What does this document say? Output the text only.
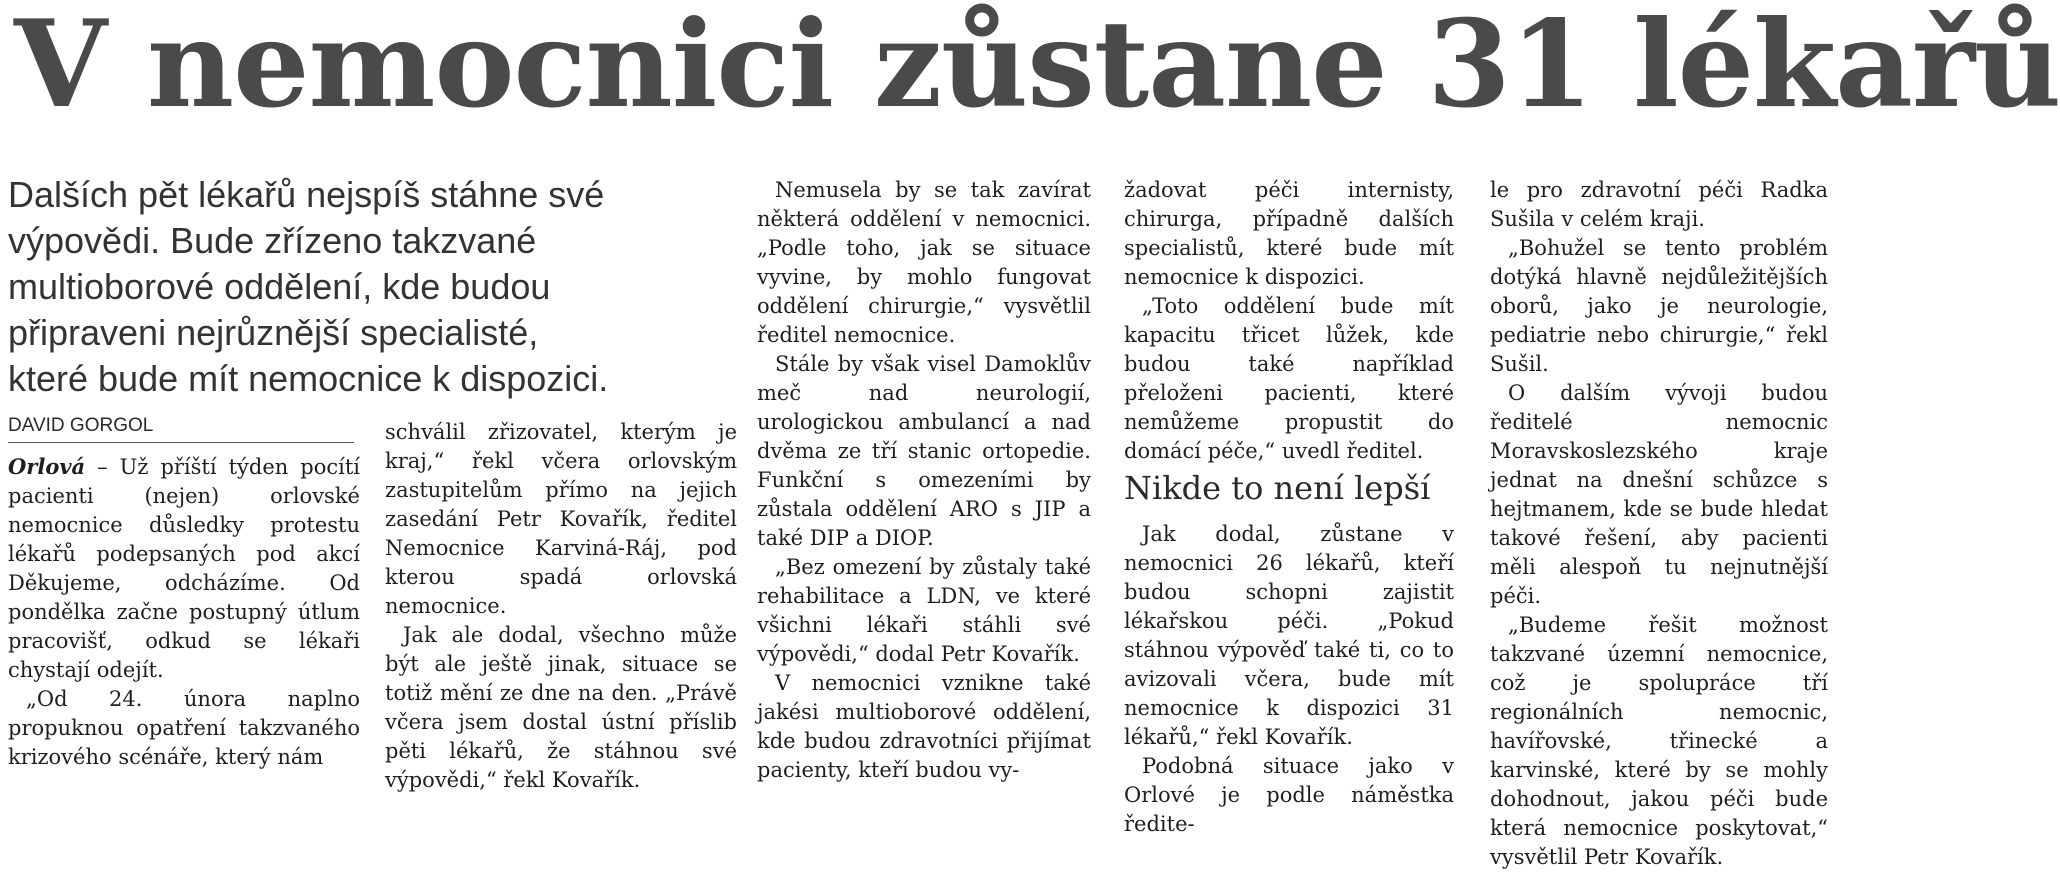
V nemocnici zůstane 31 lékařů
Dalších pět lékařů nejspíš stáhne své
výpovědi. Bude zřízeno takzvané
multioborové oddělení, kde budou
připraveni nejrůznější specialisté,
které bude mít nemocnice k dispozici.
DAVID GORGOL

Orlová – Už příští týden pocítí pacienti (nejen) orlovské nemocnice důsledky protestu lékařů podepsaných pod akcí Děkujeme, odcházíme. Od pondělka začne postupný útlum pracovišť, odkud se lékaři chystají odejít.

„Od 24. února naplno propuknou opatření takzvaného krizového scénáře, který nám

schválil zřizovatel, kterým je kraj,“ řekl včera orlovským zastupitelům přímo na jejich zasedání Petr Kovařík, ředitel Nemocnice Karviná-Ráj, pod kterou spadá orlovská nemocnice.

Jak ale dodal, všechno může být ale ještě jinak, situace se totiž mění ze dne na den. „Právě včera jsem dostal ústní příslib pěti lékařů, že stáhnou své výpovědi,“ řekl Kovařík.

Nemusela by se tak zavírat některá oddělení v nemocnici. „Podle toho, jak se situace vyvine, by mohlo fungovat oddělení chirurgie,“ vysvětlil ředitel nemocnice.

Stále by však visel Damoklův meč nad neurologií, urologickou ambulancí a nad dvěma ze tří stanic ortopedie. Funkční s omezeními by zůstala oddělení ARO s JIP a také DIP a DIOP.

„Bez omezení by zůstaly také rehabilitace a LDN, ve které všichni lékaři stáhli své výpovědi,“ dodal Petr Kovařík.

V nemocnici vznikne také jakési multioborové oddělení, kde budou zdravotníci přijímat pacienty, kteří budou vy-

žadovat péči internisty, chirurga, případně dalších specialistů, které bude mít nemocnice k dispozici.

„Toto oddělení bude mít kapacitu třicet lůžek, kde budou také například přeloženi pacienti, které nemůžeme propustit do domácí péče,“ uvedl ředitel.

Nikde to není lepší

Jak dodal, zůstane v nemocnici 26 lékařů, kteří budou schopni zajistit lékařskou péči. „Pokud stáhnou výpověď také ti, co to avizovali včera, bude mít nemocnice k dispozici 31 lékařů,“ řekl Kovařík.

Podobná situace jako v Orlové je podle náměstka ředite-

le pro zdravotní péči Radka Sušila v celém kraji.

„Bohužel se tento problém dotýká hlavně nejdůležitějších oborů, jako je neurologie, pediatrie nebo chirurgie,“ řekl Sušil.

O dalším vývoji budou ředitelé nemocnic Moravskoslezského kraje jednat na dnešní schůzce s hejtmanem, kde se bude hledat takové řešení, aby pacienti měli alespoň tu nejnutnější péči.

„Budeme řešit možnost takzvané územní nemocnice, což je spolupráce tří regionálních nemocnic, havířovské, třinecké a karvinské, které by se mohly dohodnout, jakou péči bude která nemocnice poskytovat,“ vysvětlil Petr Kovařík.
